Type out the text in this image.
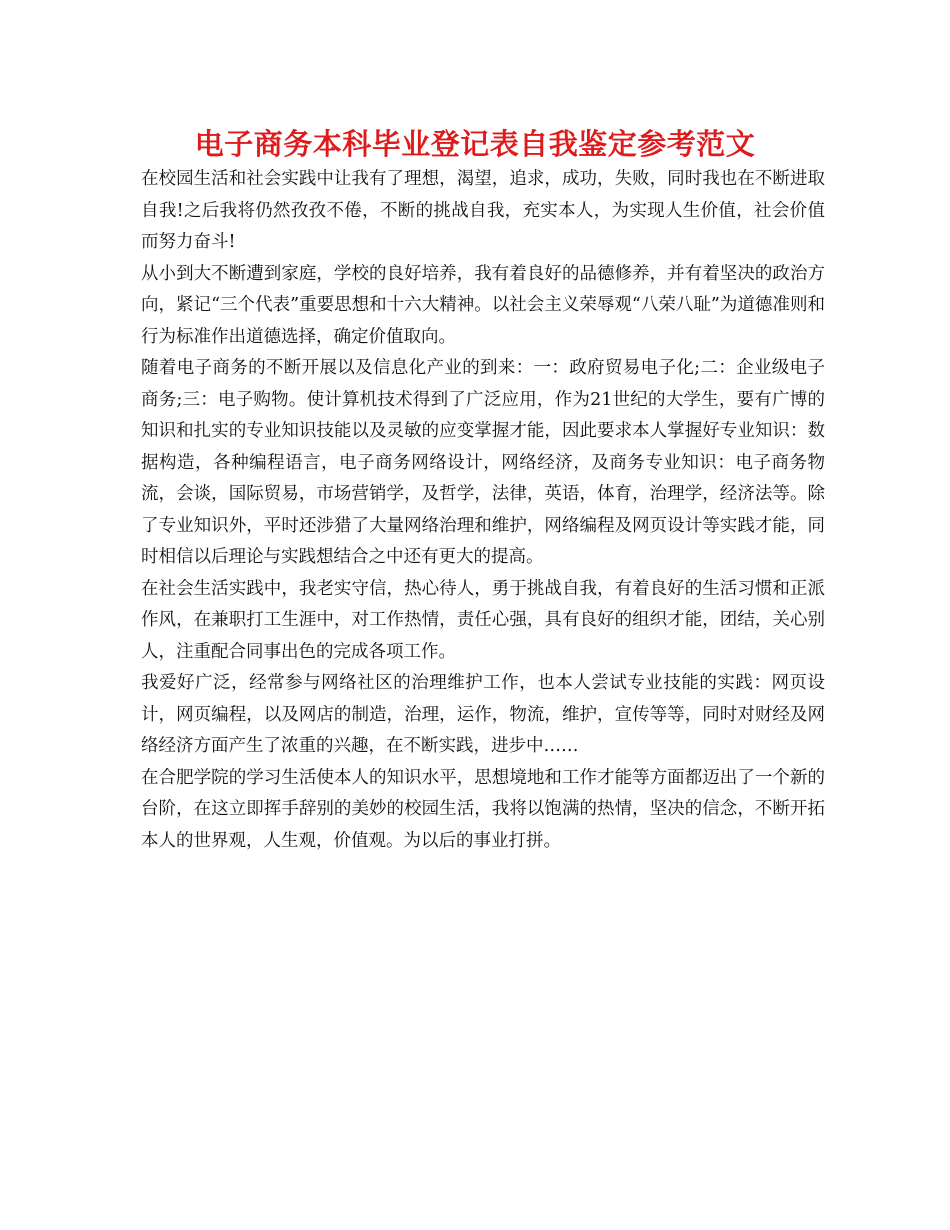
电子商务本科毕业登记表自我鉴定参考范文

在校园生活和社会实践中让我有了理想，渴望，追求，成功，失败，同时我也在不断进取自我!之后我将仍然孜孜不倦，不断的挑战自我，充实本人，为实现人生价值，社会价值而努力奋斗!

从小到大不断遭到家庭，学校的良好培养，我有着良好的品德修养，并有着坚决的政治方向，紧记“三个代表”重要思想和十六大精神。以社会主义荣辱观“八荣八耻”为道德准则和行为标准作出道德选择，确定价值取向。

随着电子商务的不断开展以及信息化产业的到来：一：政府贸易电子化;二：企业级电子商务;三：电子购物。使计算机技术得到了广泛应用，作为21世纪的大学生，要有广博的知识和扎实的专业知识技能以及灵敏的应变掌握才能，因此要求本人掌握好专业知识：数据构造，各种编程语言，电子商务网络设计，网络经济，及商务专业知识：电子商务物流，会谈，国际贸易，市场营销学，及哲学，法律，英语，体育，治理学，经济法等。除了专业知识外，平时还涉猎了大量网络治理和维护，网络编程及网页设计等实践才能，同时相信以后理论与实践想结合之中还有更大的提高。

在社会生活实践中，我老实守信，热心待人，勇于挑战自我，有着良好的生活习惯和正派作风，在兼职打工生涯中，对工作热情，责任心强，具有良好的组织才能，团结，关心别人，注重配合同事出色的完成各项工作。

我爱好广泛，经常参与网络社区的治理维护工作，也本人尝试专业技能的实践：网页设计，网页编程，以及网店的制造，治理，运作，物流，维护，宣传等等，同时对财经及网络经济方面产生了浓重的兴趣，在不断实践，进步中……

在合肥学院的学习生活使本人的知识水平，思想境地和工作才能等方面都迈出了一个新的台阶，在这立即挥手辞别的美妙的校园生活，我将以饱满的热情，坚决的信念，不断开拓本人的世界观，人生观，价值观。为以后的事业打拼。
